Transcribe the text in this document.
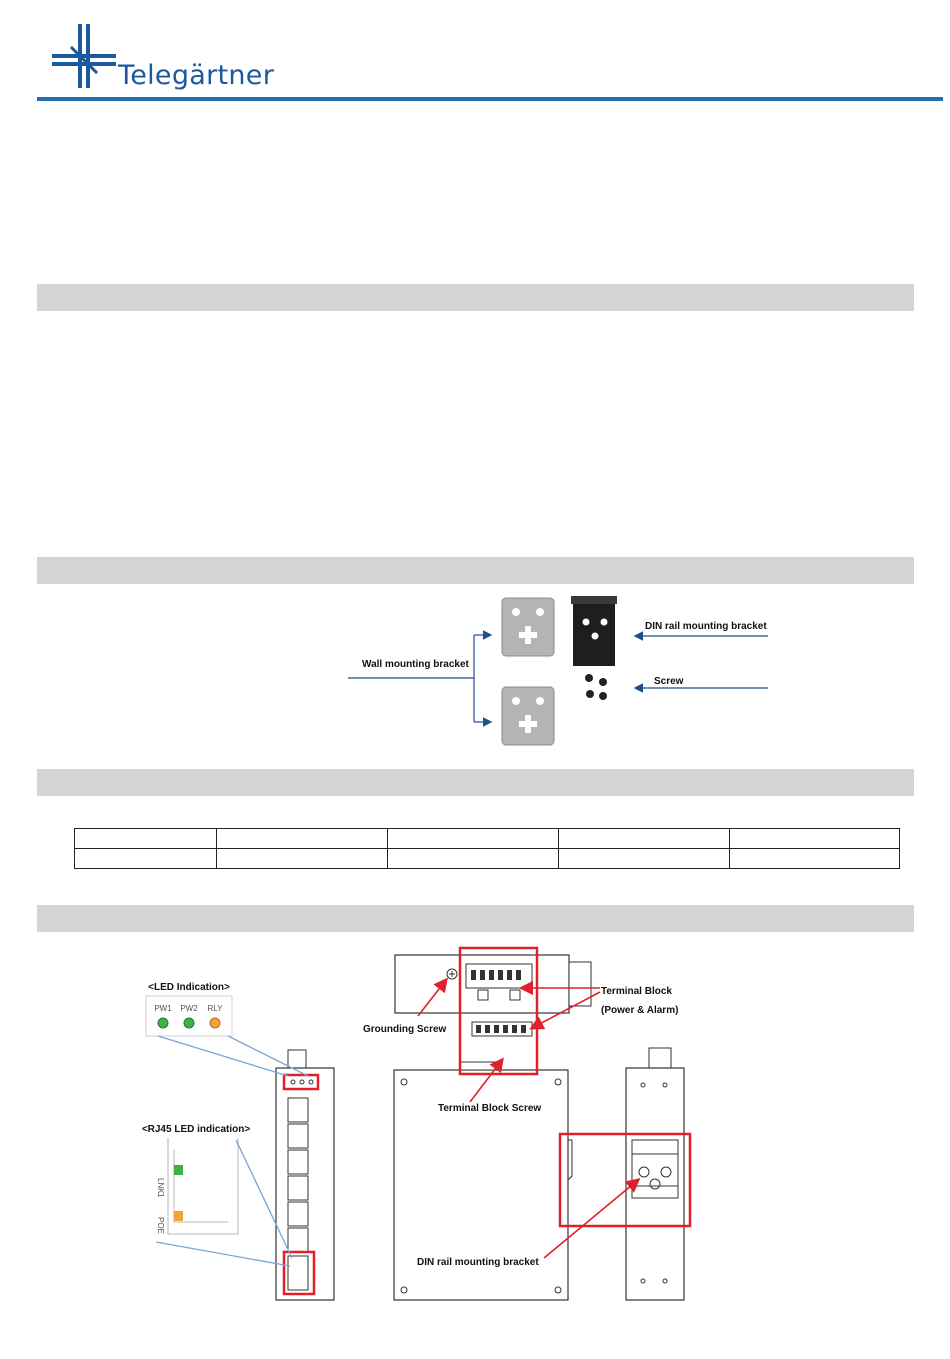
Telegärtner
Wall mounting bracket
DIN rail mounting bracket
Screw

<LED Indication>
PW1 PW2 RLY
<RJ45 LED indication>
LNK
1
POE
Grounding Screw
Terminal Block
(Power & Alarm)
Terminal Block Screw
DIN rail mounting bracket
